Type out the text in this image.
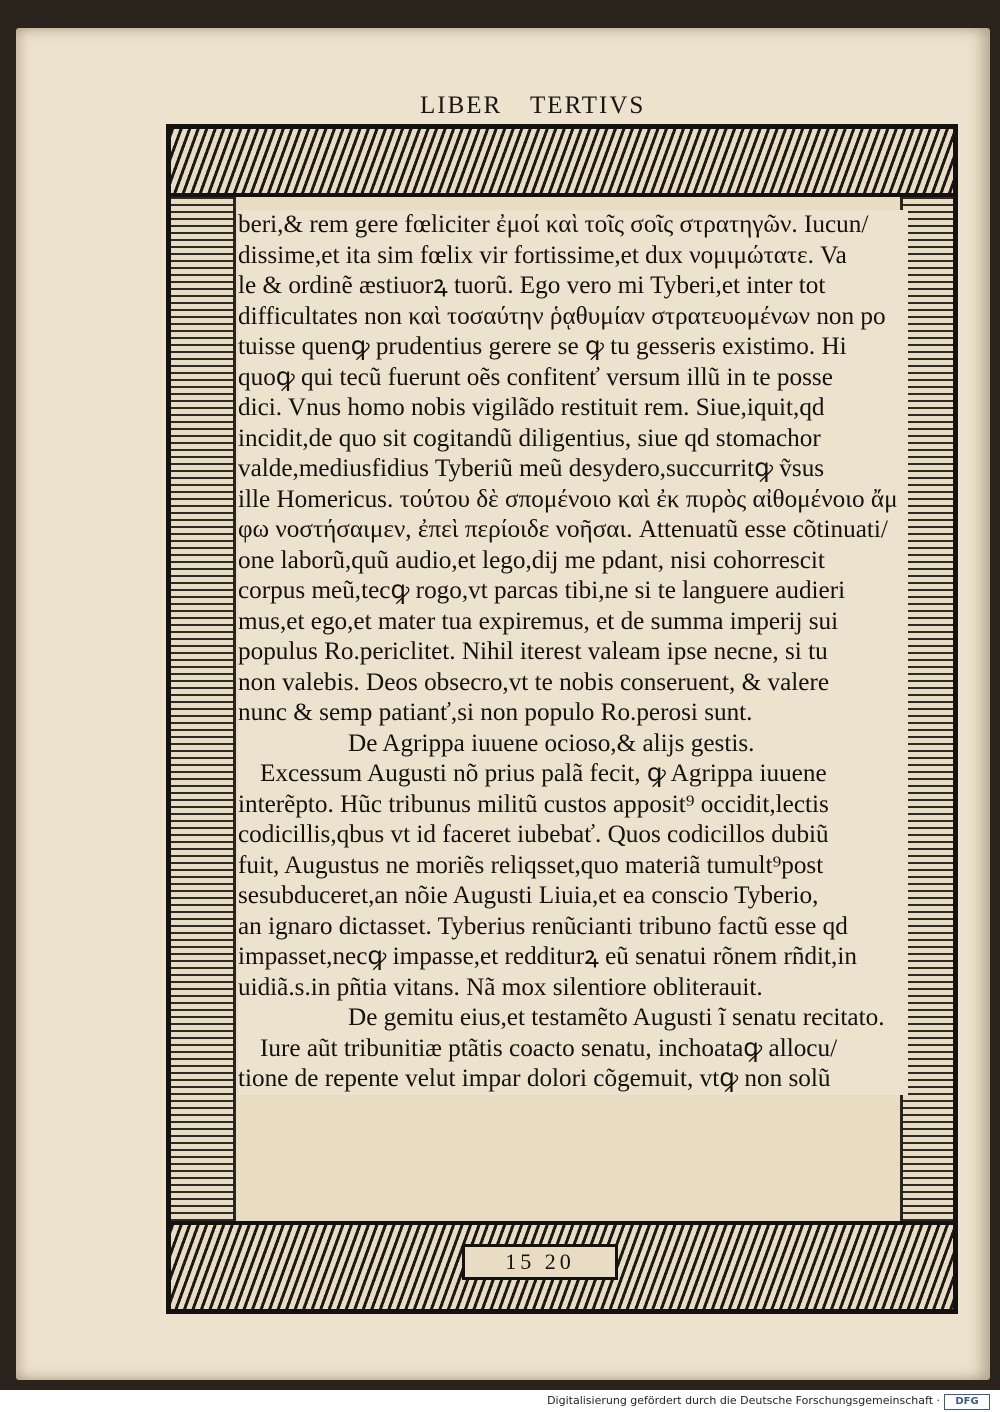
LIBER TERTIVS
15 20
beri,& rem gere fœliciter ἐμοί καὶ τοῖς σοῖς στρατηγῶν. Iucun/
dissime,et ita sim fœlix vir fortissime,et dux νομιμώτατε. Va
le & ordinẽ æstiuorꝝ tuorũ. Ego vero mi Tyberi,et inter tot
difficultates non καὶ τοσαύτην ῥᾳθυμίαν στρατευομένων non po
tuisse quenꝙ prudentius gerere se ꝙ tu gesseris existimo. Hi
quoꝙ qui tecũ fuerunt oẽs confitenť versum illũ in te posse
dici. Vnus homo nobis vigilãdo restituit rem. Siue,iquit,qd
incidit,de quo sit cogitandũ diligentius, siue qd stomachor
valde,mediusfidius Tyberiũ meũ desydero,succurritꝙ ṽsus
ille Homericus. τούτου δὲ σπομένοιο καὶ ἐκ πυρὸς αἰθομένοιο ἄμ
φω νοστήσαιμεν, ἐπεὶ περίοιδε νοῆσαι. Attenuatũ esse cõtinuati/
one laborũ,quũ audio,et lego,dij me pdant, nisi cohorrescit
corpus meũ,tecꝙ rogo,vt parcas tibi,ne si te languere audieri
mus,et ego,et mater tua expiremus, et de summa imperij sui
populus Ro.periclitet. Nihil iterest valeam ipse necne, si tu
non valebis. Deos obsecro,vt te nobis conseruent, & valere
nunc & semp patianť,si non populo Ro.perosi sunt.
De Agrippa iuuene ocioso,& alijs gestis.
Excessum Augusti nõ prius palã fecit, ꝙ Agrippa iuuene
interẽpto. Hũc tribunus militũ custos apposit⁹ occidit,lectis
codicillis,qbus vt id faceret iubebať. Quos codicillos dubiũ
fuit, Augustus ne moriẽs reliqsset,quo materiã tumult⁹post
sesubduceret,an nõie Augusti Liuia,et ea conscio Tyberio,
an ignaro dictasset. Tyberius renũcianti tribuno factũ esse qd
impasset,necꝙ impasse,et redditurꝝ eũ senatui rõnem rñdit,in
uidiã.s.in pñtia vitans. Nã mox silentiore obliterauit.
De gemitu eius,et testamẽto Augusti ĩ senatu recitato.
Iure aũt tribunitiæ ptãtis coacto senatu, inchoataꝙ allocu/
tione de repente velut impar dolori cõgemuit, vtꝙ non solũ
Digitalisierung gefördert durch die Deutsche Forschungsgemeinschaft ·	DFG
